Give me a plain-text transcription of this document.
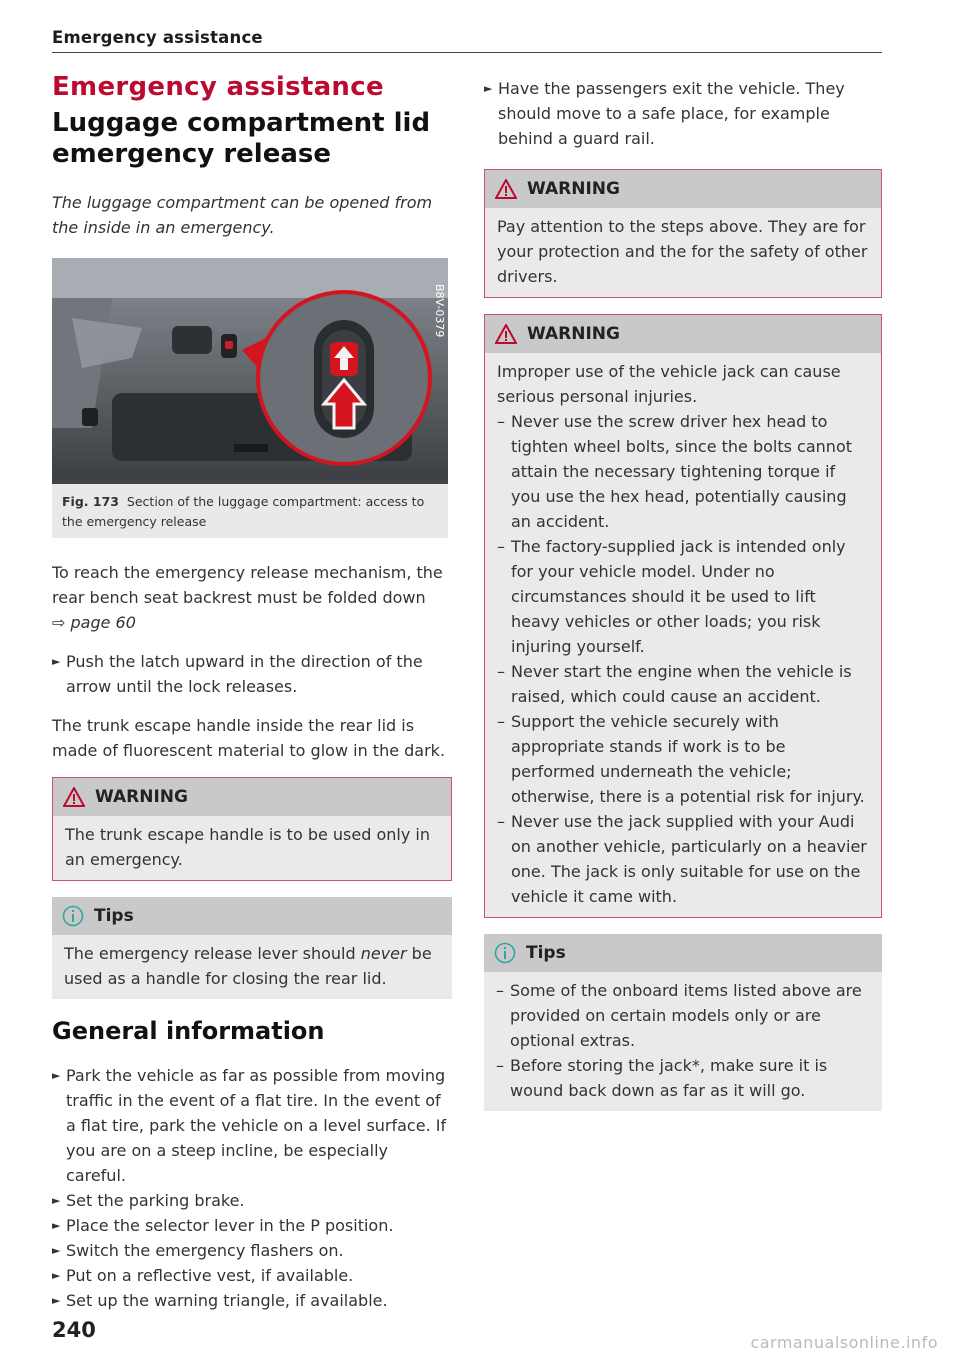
Emergency assistance
Emergency assistance
Luggage compartment lid emergency release

The luggage compartment can be opened from the inside in an emergency.

B8V-0379
Fig. 173 Section of the luggage compartment: access to the emergency release

To reach the emergency release mechanism, the rear bench seat backrest must be folded down
⇨ page 60

► Push the latch upward in the direction of the arrow until the lock releases.

The trunk escape handle inside the rear lid is made of fluorescent material to glow in the dark.

WARNING
The trunk escape handle is to be used only in an emergency.
Tips
The emergency release lever should never be used as a handle for closing the rear lid.
General information
► Park the vehicle as far as possible from moving traffic in the event of a flat tire. In the event of a flat tire, park the vehicle on a level surface. If you are on a steep incline, be especially careful.
► Set the parking brake.
► Place the selector lever in the P position.
► Switch the emergency flashers on.
► Put on a reflective vest, if available.
► Set up the warning triangle, if available.
► Have the passengers exit the vehicle. They should move to a safe place, for example behind a guard rail.
WARNING
Pay attention to the steps above. They are for your protection and the for the safety of other drivers.
WARNING
Improper use of the vehicle jack can cause serious personal injuries.
– Never use the screw driver hex head to tighten wheel bolts, since the bolts cannot attain the necessary tightening torque if you use the hex head, potentially causing an accident.
– The factory-supplied jack is intended only for your vehicle model. Under no circumstances should it be used to lift heavy vehicles or other loads; you risk injuring yourself.
– Never start the engine when the vehicle is raised, which could cause an accident.
– Support the vehicle securely with appropriate stands if work is to be performed underneath the vehicle; otherwise, there is a potential risk for injury.
– Never use the jack supplied with your Audi on another vehicle, particularly on a heavier one. The jack is only suitable for use on the vehicle it came with.
Tips
– Some of the onboard items listed above are provided on certain models only or are optional extras.
– Before storing the jack*, make sure it is wound back down as far as it will go.
240
carmanualsonline.info
